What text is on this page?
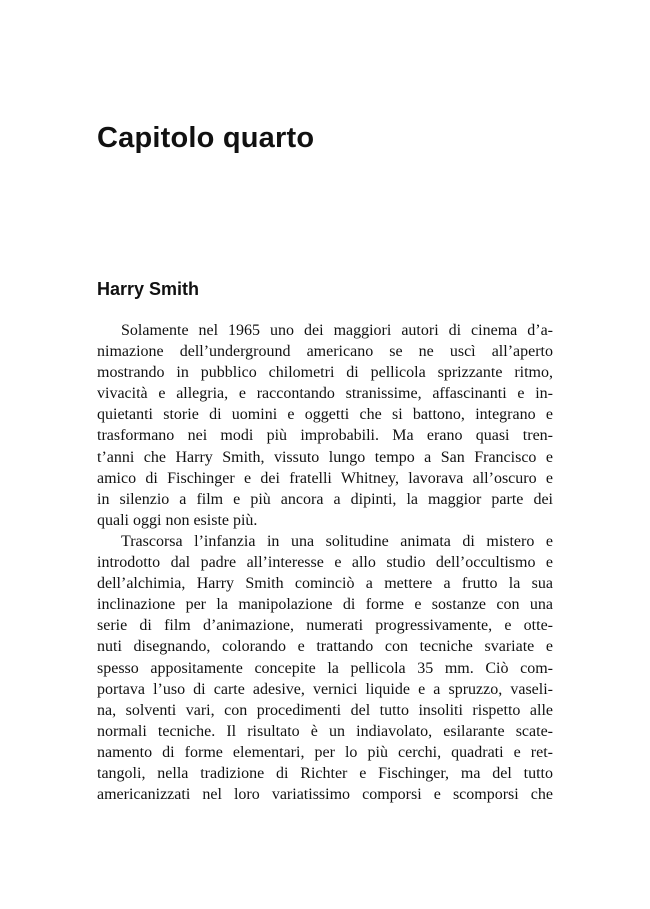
Capitolo quarto
Harry Smith
Solamente nel 1965 uno dei maggiori autori di cinema d’a-
nimazione dell’underground americano se ne uscì all’aperto
mostrando in pubblico chilometri di pellicola sprizzante ritmo,
vivacità e allegria, e raccontando stranissime, affascinanti e in-
quietanti storie di uomini e oggetti che si battono, integrano e
trasformano nei modi più improbabili. Ma erano quasi tren-
t’anni che Harry Smith, vissuto lungo tempo a San Francisco e
amico di Fischinger e dei fratelli Whitney, lavorava all’oscuro e
in silenzio a film e più ancora a dipinti, la maggior parte dei
quali oggi non esiste più.
Trascorsa l’infanzia in una solitudine animata di mistero e
introdotto dal padre all’interesse e allo studio dell’occultismo e
dell’alchimia, Harry Smith cominciò a mettere a frutto la sua
inclinazione per la manipolazione di forme e sostanze con una
serie di film d’animazione, numerati progressivamente, e otte-
nuti disegnando, colorando e trattando con tecniche svariate e
spesso appositamente concepite la pellicola 35 mm. Ciò com-
portava l’uso di carte adesive, vernici liquide e a spruzzo, vaseli-
na, solventi vari, con procedimenti del tutto insoliti rispetto alle
normali tecniche. Il risultato è un indiavolato, esilarante scate-
namento di forme elementari, per lo più cerchi, quadrati e ret-
tangoli, nella tradizione di Richter e Fischinger, ma del tutto
americanizzati nel loro variatissimo comporsi e scomporsi che
